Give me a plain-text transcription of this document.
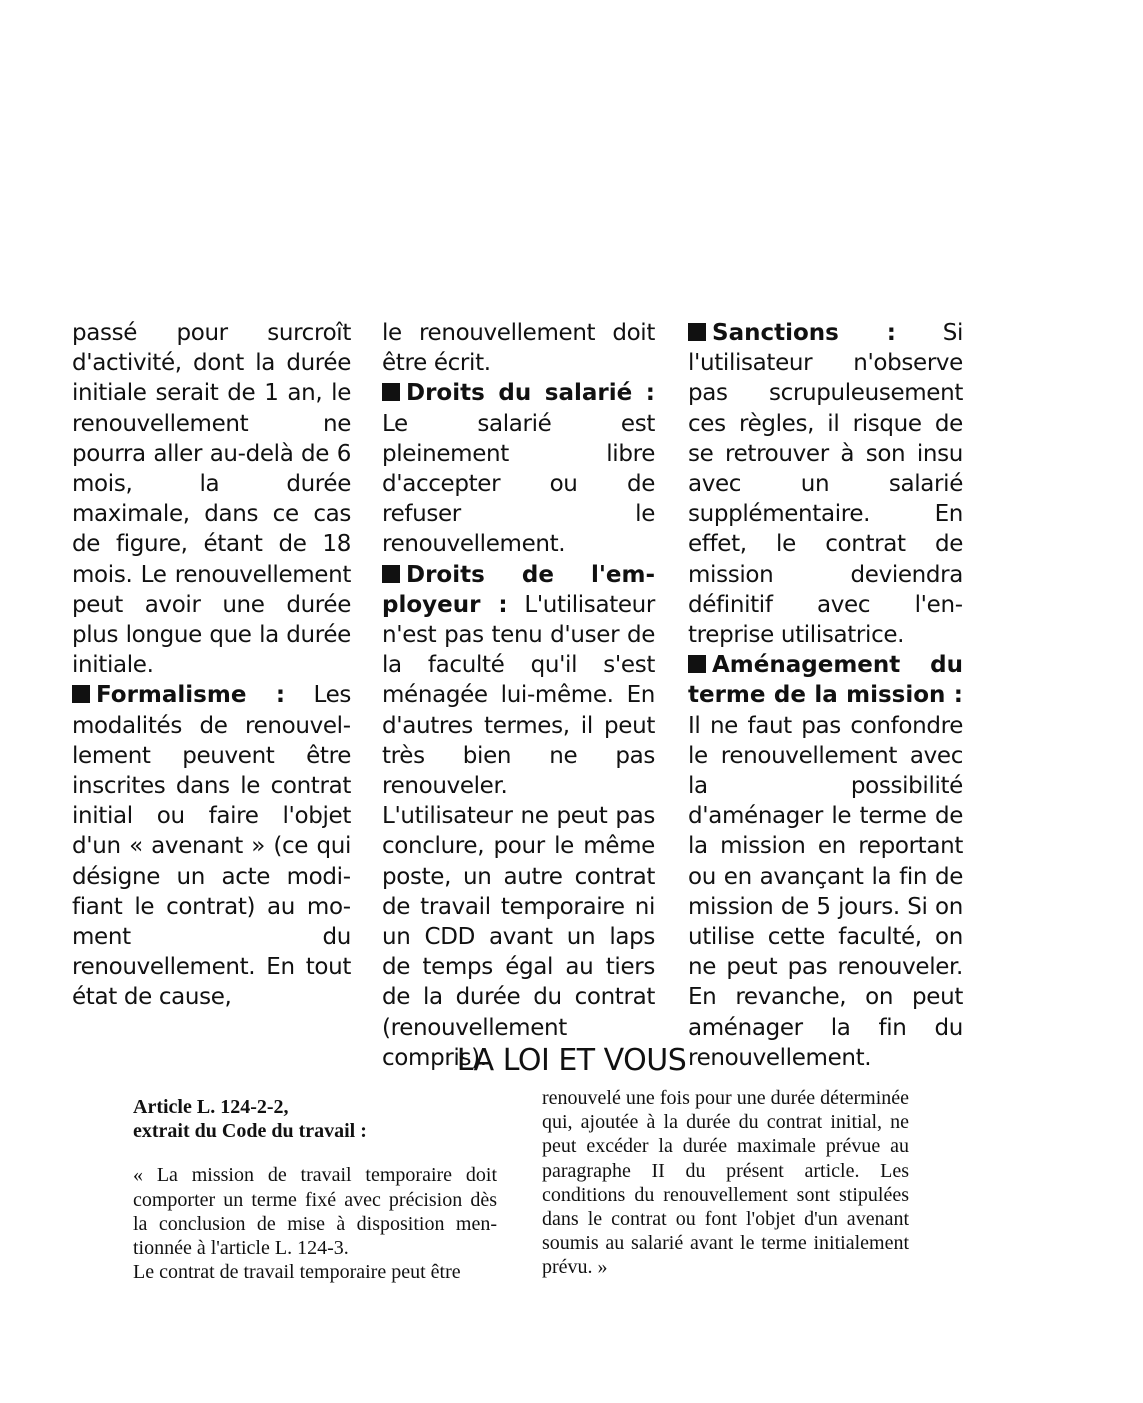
passé pour surcroît d'activité, dont la durée initiale serait de 1 an, le renouvellement ne pourra aller au-delà de 6 mois, la durée maximale, dans ce cas de figure, étant de 18 mois. Le renouvellement peut avoir une durée plus longue que la durée initiale.

Formalisme : Les modalités de renouvellement peuvent être inscrites dans le contrat initial ou faire l'objet d'un « avenant » (ce qui désigne un acte modifiant le contrat) au moment du renouvellement. En tout état de cause,

le renouvellement doit être écrit.

Droits du salarié : Le salarié est pleinement libre d'accepter ou de refuser le renouvellement.

Droits de l'employeur : L'utilisateur n'est pas tenu d'user de la faculté qu'il s'est ménagée lui-même. En d'autres termes, il peut très bien ne pas renouveler.

L'utilisateur ne peut pas conclure, pour le même poste, un autre contrat de travail temporaire ni un CDD avant un laps de temps égal au tiers de la durée du contrat (renouvellement compris).

Sanctions : Si l'utilisateur n'observe pas scrupuleusement ces règles, il risque de se retrouver à son insu avec un salarié supplémentaire. En effet, le contrat de mission deviendra définitif avec l'entreprise utilisatrice.

Aménagement du terme de la mission : Il ne faut pas confondre le renouvellement avec la possibilité d'aménager le terme de la mission en reportant ou en avançant la fin de mission de 5 jours. Si on utilise cette faculté, on ne peut pas renouveler. En revanche, on peut aménager la fin du renouvellement.

LA LOI ET VOUS

Article L. 124-2-2,
extrait du Code du travail :

« La mission de travail temporaire doit comporter un terme fixé avec précision dès la conclusion de mise à disposition mentionnée à l'article L. 124-3.

Le contrat de travail temporaire peut être

renouvelé une fois pour une durée déterminée qui, ajoutée à la durée du contrat initial, ne peut excéder la durée maximale prévue au paragraphe II du présent article. Les conditions du renouvellement sont stipulées dans le contrat ou font l'objet d'un avenant soumis au salarié avant le terme initialement prévu. »
